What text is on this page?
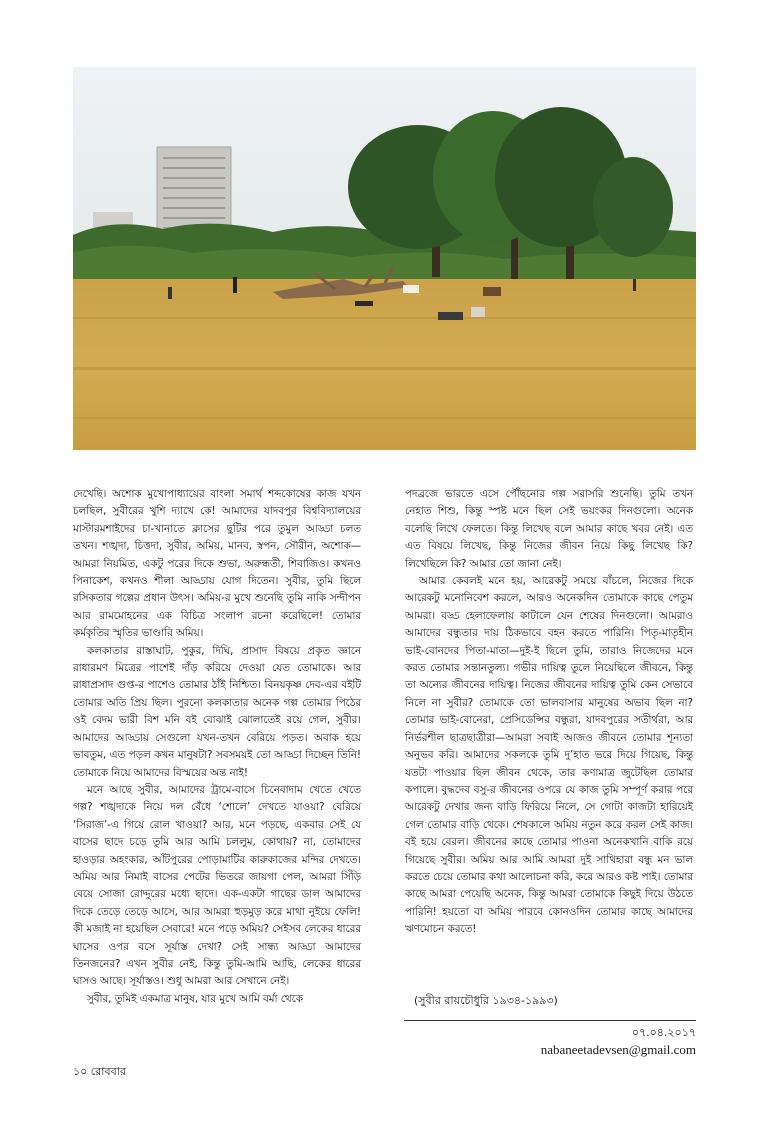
দেখেছি। অশোক মুখোপাধ্যায়ের বাংলা সমার্থ শব্দকোষের কাজ যখন চলছিল, সুবীরের খুশি দ্যাখে কে! আমাদের যাদবপুর বিশ্ববিদ্যালয়ের মাস্টারমশাইদের চা-খানাতে ক্লাসের ছুটির পরে তুমুল আড্ডা চলত তখন। শঙ্খদা, চিত্তদা, সুবীর, অমিয়, মানব, স্বপন, সৌরীন, অশোক—আমরা নিয়মিত, একটু পরের দিকে শুভা, অরুন্ধতী, শিবাজিও। কখনও পিনাকেশ, কখনও শীলা আড্ডায় যোগ দিতেন। সুবীর, তুমি ছিলে রসিকতার গল্পের প্রধান উৎস। অমিয়-র মুখে শুনেছি তুমি নাকি সন্দীপন আর রামমোহনের এক বিচিত্র সংলাপ রচনা করেছিলে! তোমার কর্মকৃতির স্মৃতির ভাণ্ডারি অমিয়।

কলকাতার রাস্তাঘাট, পুকুর, দিঘি, প্রাসাদ বিষয়ে প্রকৃত জ্ঞানে রাধারমণ মিত্রের পাশেই দাঁড় করিয়ে দেওয়া যেত তোমাকে। আর রাধাপ্রসাদ গুপ্ত-র পাশেও তোমার ঠাঁই নিশ্চিত। বিনয়কৃষ্ণ দেব-এর বইটি তোমার অতি প্রিয় ছিল। পুরনো কলকাতার অনেক গল্প তোমার পিঠের ওই বেদম ভারী বিশ মনি বই বোঝাই ঝোলাতেই রয়ে গেল, সুবীর। আমাদের আড্ডায় সেগুলো যখন-তখন বেরিয়ে পড়ত। অবাক হয়ে ভাবতুম, এত পড়ল কখন মানুষটা? সবসময়ই তো আড্ডা দিচ্ছেন তিনি! তোমাকে নিয়ে আমাদের বিস্ময়ের অন্ত নাই!

মনে আছে সুবীর, আমাদের ট্রামে-বাসে চিনেবাদাম খেতে খেতে গল্প? শঙ্খদাকে নিয়ে দল বেঁধে ‘শোলে’ দেখতে যাওয়া? বেরিয়ে ‘সিরাজ’-এ গিয়ে রোল খাওয়া? আর, মনে পড়ছে, একবার সেই যে বাসের ছাদে চড়ে তুমি আর আমি চললুম, কোথায়? না, তোমাদের হাওড়ার অহংকার, আঁটপুরের পোড়ামাটির কারুকাজের মন্দির দেখতে। অমিয় আর নিমাই বাসের পেটের ভিতরে জায়গা পেল, আমরা সিঁড়ি বেয়ে সোজা রোদ্দুরের মধ্যে ছাদে। এক-একটা গাছের ডাল আমাদের দিকে তেড়ে তেড়ে আসে, আর আমরা হুড়মুড় করে মাথা নুইয়ে ফেলি! কী মজাই না হয়েছিল সেবারে! মনে পড়ে অমিয়? সেইসব লেকের ধারের ঘাসের ওপর বসে সূর্যাস্ত দেখা? সেই সান্ধ্য আড্ডা আমাদের তিনজনের? এখন সুবীর নেই, কিন্তু তুমি-আমি আছি, লেকের ধারের ঘাসও আছে। সূর্যাস্তও। শুধু আমরা আর সেখানে নেই।

সুবীর, তুমিই একমাত্র মানুষ, যার মুখে আমি বর্মা থেকে

পদব্রজে ভারতে এসে পৌঁছনোর গল্প সরাসরি শুনেছি। তুমি তখন নেহাত শিশু, কিন্তু স্পষ্ট মনে ছিল সেই ভয়ংকর দিনগুলো। অনেক বলেছি লিখে ফেলতে। কিন্তু লিখেছ বলে আমার কাছে খবর নেই। এত এত বিষয়ে লিখেছ, কিন্তু নিজের জীবন নিয়ে কিছু লিখেছ কি? লিখেছিলে কি? আমার তো জানা নেই।

আমার কেবলই মনে হয়, আরেকটু সময়ে বাঁচলে, নিজের দিকে আরেকটু মনোনিবেশ করলে, আরও অনেকদিন তোমাকে কাছে পেতুম আমরা। বড্ড হেলাফেলায় কাটালে যেন শেষের দিনগুলো। আমরাও আমাদের বন্ধুতার দায় ঠিকভাবে বহন করতে পারিনি। পিতৃ-মাতৃহীন ভাই-বোনদের পিতা-মাতা—দুই-ই ছিলে তুমি, তারাও নিজেদের মনে করত তোমার সন্তানতুল্য। গভীর দায়িত্ব তুলে নিয়েছিলে জীবনে, কিন্তু তা অন্যের জীবনের দায়িত্ব। নিজের জীবনের দায়িত্ব তুমি কেন সেভাবে নিলে না সুবীর? তোমাকে তো ভালবাসার মানুষের অভাব ছিল না? তোমার ভাই-বোনেরা, প্রেসিডেন্সির বন্ধুরা, যাদবপুরের সতীর্থরা, আর নির্ভরশীল ছাত্রছাত্রীরা—আমরা সবাই আজও জীবনে তোমার শূন্যতা অনুভব করি। আমাদের সকলকে তুমি দু’হাত ভরে দিয়ে গিয়েছ, কিন্তু যতটা পাওয়ার ছিল জীবন থেকে, তার কণামাত্র জুটেছিল তোমার কপালে। বুদ্ধদেব বসু-র জীবনের ওপরে যে কাজ তুমি সম্পূর্ণ করার পরে আরেকটু দেখার জন্য বাড়ি ফিরিয়ে নিলে, সে গোটা কাজটা হারিয়েই গেল তোমার বাড়ি থেকে। শেষকালে অমিয় নতুন করে করল সেই কাজ। বই হয়ে বেরল। জীবনের কাছে তোমার পাওনা অনেকখানি বাকি রয়ে গিয়েছে সুবীর। অমিয় আর আমি আমরা দুই সাথিহারা বন্ধু মন ভাল করতে চেয়ে তোমার কথা আলোচনা করি, করে আরও কষ্ট পাই। তোমার কাছে আমরা পেয়েছি অনেক, কিন্তু আমরা তোমাকে কিছুই দিয়ে উঠতে পারিনি! হয়তো বা অমিয় পারবে কোনওদিন তোমার কাছে আমাদের ঋণমোচন করতে!

(সুবীর রায়চৌধুরি ১৯৩৪-১৯৯৩)
০৭.০৪.২০১৭
nabaneetadevsen@gmail.com
১০ রোববার
